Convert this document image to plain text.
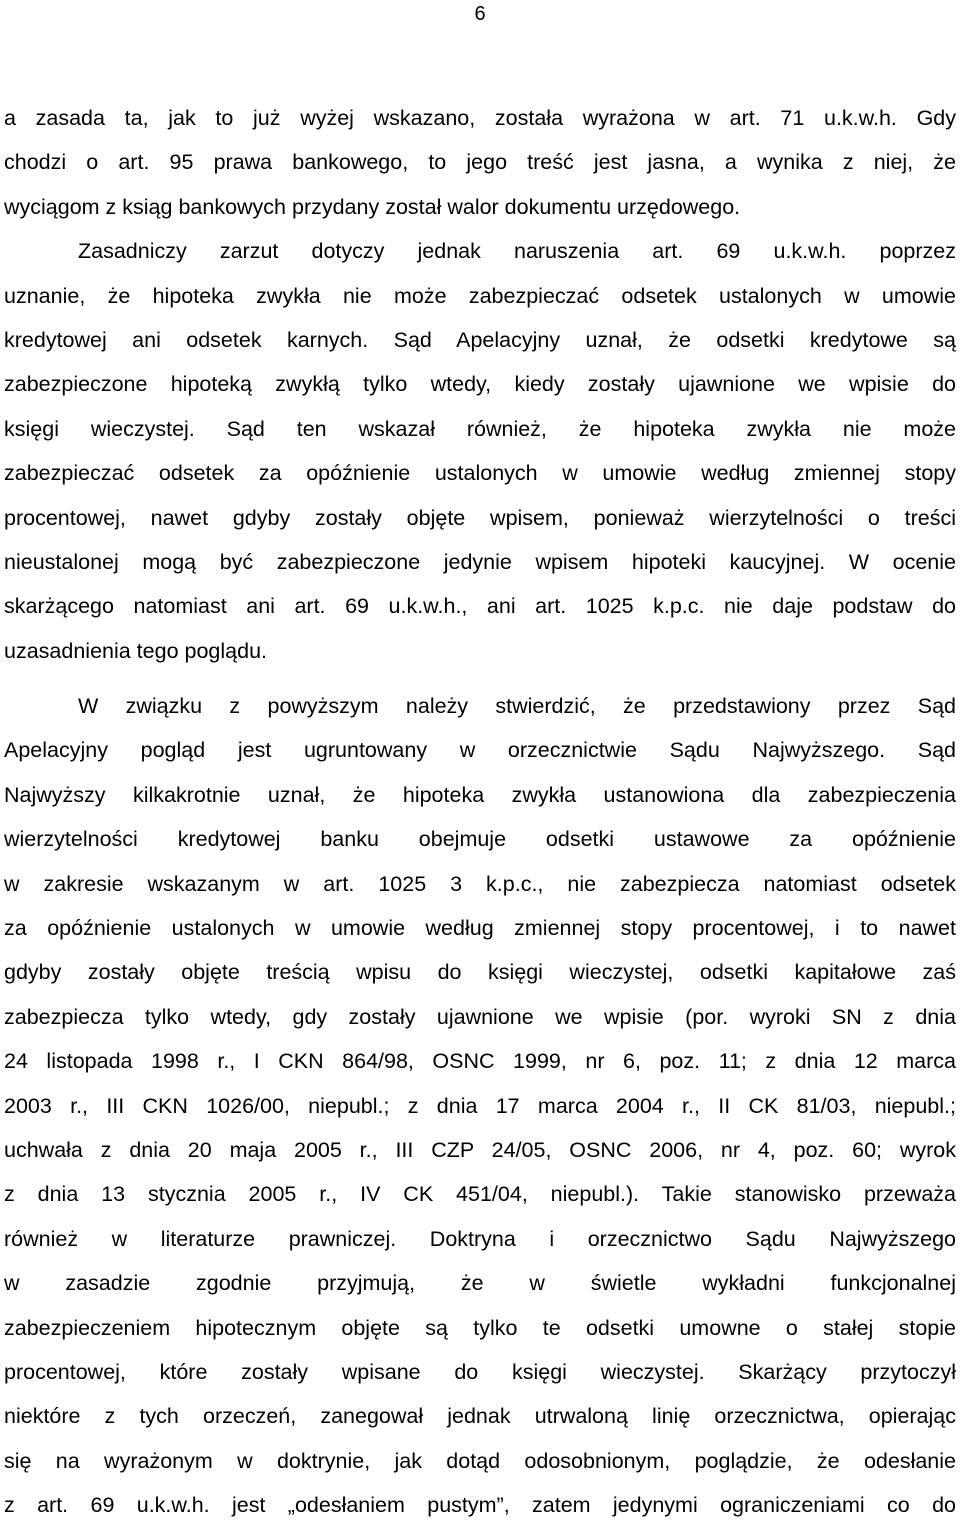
6
a zasada ta, jak to już wyżej wskazano, została wyrażona w art. 71 u.k.w.h. Gdy
chodzi o art. 95 prawa bankowego, to jego treść jest jasna, a wynika z niej, że
wyciągom z ksiąg bankowych przydany został walor dokumentu urzędowego.
Zasadniczy zarzut dotyczy jednak naruszenia art. 69 u.k.w.h. poprzez
uznanie, że hipoteka zwykła nie może zabezpieczać odsetek ustalonych w umowie
kredytowej ani odsetek karnych. Sąd Apelacyjny uznał, że odsetki kredytowe są
zabezpieczone hipoteką zwykłą tylko wtedy, kiedy zostały ujawnione we wpisie do
księgi wieczystej. Sąd ten wskazał również, że hipoteka zwykła nie może
zabezpieczać odsetek za opóźnienie ustalonych w umowie według zmiennej stopy
procentowej, nawet gdyby zostały objęte wpisem, ponieważ wierzytelności o treści
nieustalonej mogą być zabezpieczone jedynie wpisem hipoteki kaucyjnej. W ocenie
skarżącego natomiast ani art. 69 u.k.w.h., ani art. 1025 k.p.c. nie daje podstaw do
uzasadnienia tego poglądu.
W związku z powyższym należy stwierdzić, że przedstawiony przez Sąd
Apelacyjny pogląd jest ugruntowany w orzecznictwie Sądu Najwyższego. Sąd
Najwyższy kilkakrotnie uznał, że hipoteka zwykła ustanowiona dla zabezpieczenia
wierzytelności kredytowej banku obejmuje odsetki ustawowe za opóźnienie
w zakresie wskazanym w art. 1025 3 k.p.c., nie zabezpiecza natomiast odsetek
za opóźnienie ustalonych w umowie według zmiennej stopy procentowej, i to nawet
gdyby zostały objęte treścią wpisu do księgi wieczystej, odsetki kapitałowe zaś
zabezpiecza tylko wtedy, gdy zostały ujawnione we wpisie (por. wyroki SN z dnia
24 listopada 1998 r., I CKN 864/98, OSNC 1999, nr 6, poz. 11; z dnia 12 marca
2003 r., III CKN 1026/00, niepubl.; z dnia 17 marca 2004 r., II CK 81/03, niepubl.;
uchwała z dnia 20 maja 2005 r., III CZP 24/05, OSNC 2006, nr 4, poz. 60; wyrok
z dnia 13 stycznia 2005 r., IV CK 451/04, niepubl.). Takie stanowisko przeważa
również w literaturze prawniczej. Doktryna i orzecznictwo Sądu Najwyższego
w zasadzie zgodnie przyjmują, że w świetle wykładni funkcjonalnej
zabezpieczeniem hipotecznym objęte są tylko te odsetki umowne o stałej stopie
procentowej, które zostały wpisane do księgi wieczystej. Skarżący przytoczył
niektóre z tych orzeczeń, zanegował jednak utrwaloną linię orzecznictwa, opierając
się na wyrażonym w doktrynie, jak dotąd odosobnionym, poglądzie, że odesłanie
z art. 69 u.k.w.h. jest „odesłaniem pustym”, zatem jedynymi ograniczeniami co do
